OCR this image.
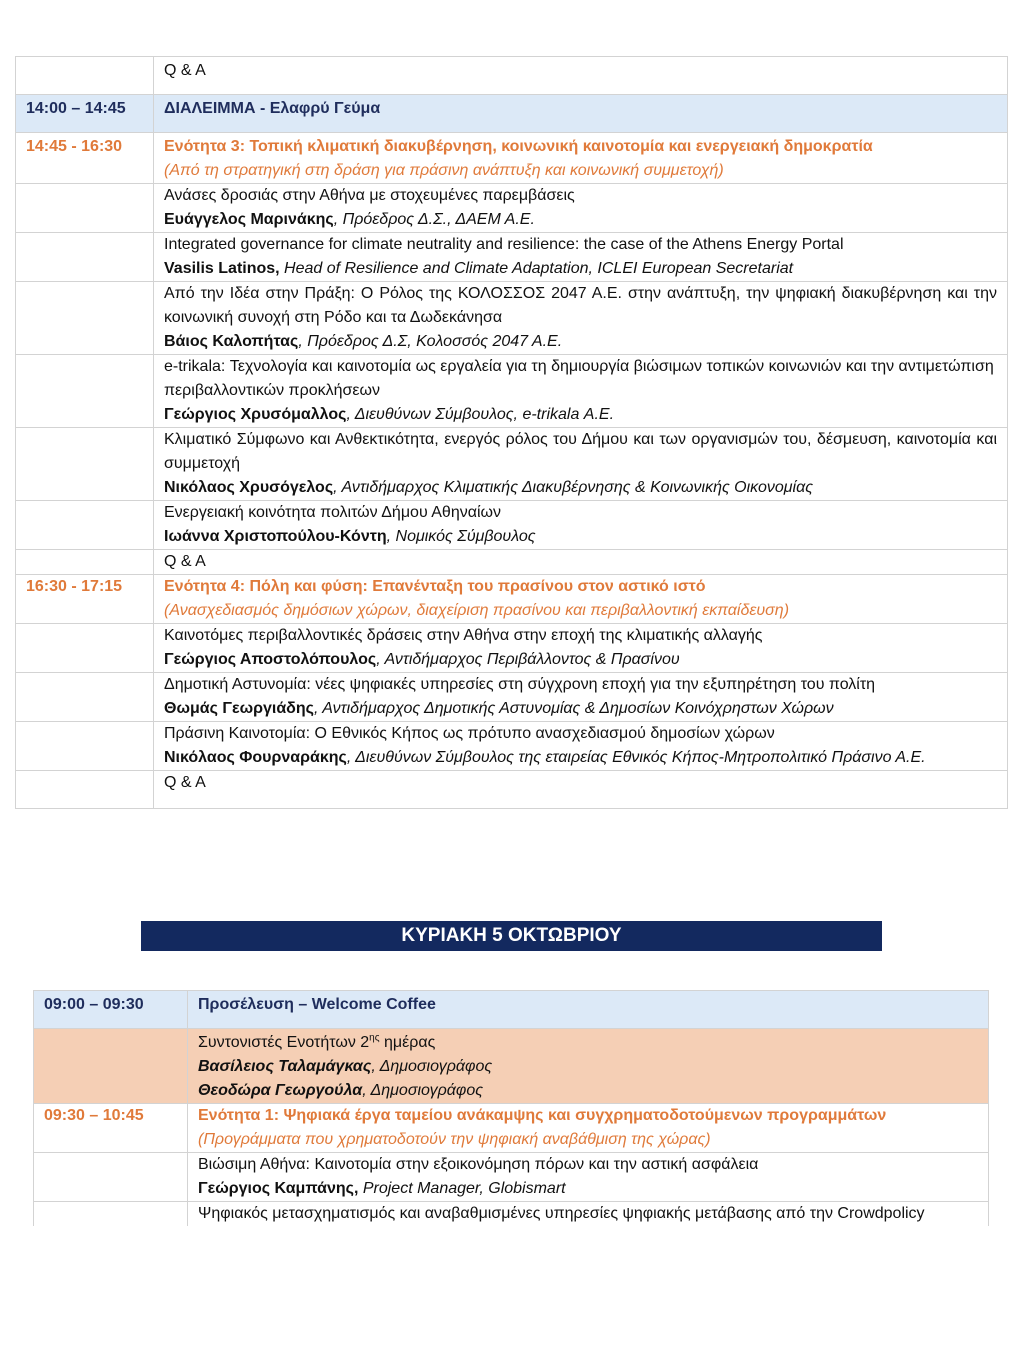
	Q & A
14:00 – 14:45	ΔΙΑΛΕΙΜΜΑ - Ελαφρύ Γεύμα
14:45 - 16:30	Ενότητα 3: Τοπική κλιματική διακυβέρνηση, κοινωνική καινοτομία και ενεργειακή δημοκρατία
(Από τη στρατηγική στη δράση για πράσινη ανάπτυξη και κοινωνική συμμετοχή)

	Ανάσες δροσιάς στην Αθήνα με στοχευμένες παρεμβάσεις
Ευάγγελος Μαρινάκης, Πρόεδρος Δ.Σ., ΔΑΕΜ Α.Ε.

	Integrated governance for climate neutrality and resilience: the case of the Athens Energy Portal
Vasilis Latinos, Head of Resilience and Climate Adaptation, ICLEI European Secretariat

	Από την Ιδέα στην Πράξη: Ο Ρόλος της ΚΟΛΟΣΣΟΣ 2047 Α.Ε. στην ανάπτυξη, την ψηφιακή διακυβέρνηση και την κοινωνική συνοχή στη Ρόδο και τα Δωδεκάνησα
Βάιος Καλοπήτας, Πρόεδρος Δ.Σ, Κολοσσός 2047 Α.Ε.

	e-trikala: Τεχνολογία και καινοτομία ως εργαλεία για τη δημιουργία βιώσιμων τοπικών κοινωνιών και την αντιμετώπιση περιβαλλοντικών προκλήσεων
Γεώργιος Χρυσόμαλλος, Διευθύνων Σύμβουλος, e-trikala Α.Ε.

	Κλιματικό Σύμφωνο και Ανθεκτικότητα, ενεργός ρόλος του Δήμου και των οργανισμών του, δέσμευση, καινοτομία και συμμετοχή
Νικόλαος Χρυσόγελος, Αντιδήμαρχος Κλιματικής Διακυβέρνησης & Κοινωνικής Οικονομίας

	Ενεργειακή κοινότητα πολιτών Δήμου Αθηναίων
Ιωάννα Χριστοπούλου-Κόντη, Νομικός Σύμβουλος

	Q & A
16:30 - 17:15	Ενότητα 4: Πόλη και φύση: Επανένταξη του πρασίνου στον αστικό ιστό
(Ανασχεδιασμός δημόσιων χώρων, διαχείριση πρασίνου και περιβαλλοντική εκπαίδευση)

	Καινοτόμες περιβαλλοντικές δράσεις στην Αθήνα στην εποχή της κλιματικής αλλαγής
Γεώργιος Αποστολόπουλος, Αντιδήμαρχος Περιβάλλοντος & Πρασίνου

	Δημοτική Αστυνομία: νέες ψηφιακές υπηρεσίες στη σύγχρονη εποχή για την εξυπηρέτηση του πολίτη
Θωμάς Γεωργιάδης, Αντιδήμαρχος Δημοτικής Αστυνομίας & Δημοσίων Κοινόχρηστων Χώρων

	Πράσινη Καινοτομία: Ο Εθνικός Κήπος ως πρότυπο ανασχεδιασμού δημοσίων χώρων
Νικόλαος Φουρναράκης, Διευθύνων Σύμβουλος της εταιρείας Εθνικός Κήπος-Μητροπολιτικό Πράσινο Α.Ε.

	Q & A
ΚΥΡΙΑΚΗ 5 ΟΚΤΩΒΡΙΟΥ
09:00 – 09:30	Προσέλευση – Welcome Coffee

	Συντονιστές Ενοτήτων $2^{\eta\varsigma}$ ημέρας
Βασίλειος Ταλαμάγκας, Δημοσιογράφος
Θεοδώρα Γεωργούλα, Δημοσιογράφος

09:30 – 10:45	Ενότητα 1: Ψηφιακά έργα ταμείου ανάκαμψης και συγχρηματοδοτούμενων προγραμμάτων
(Προγράμματα που χρηματοδοτούν την ψηφιακή αναβάθμιση της χώρας)

	Βιώσιμη Αθήνα: Καινοτομία στην εξοικονόμηση πόρων και την αστική ασφάλεια
Γεώργιος Καμπάνης, Project Manager, Globismart

	Ψηφιακός μετασχηματισμός και αναβαθμισμένες υπηρεσίες ψηφιακής μετάβασης από την Crowdpolicy
